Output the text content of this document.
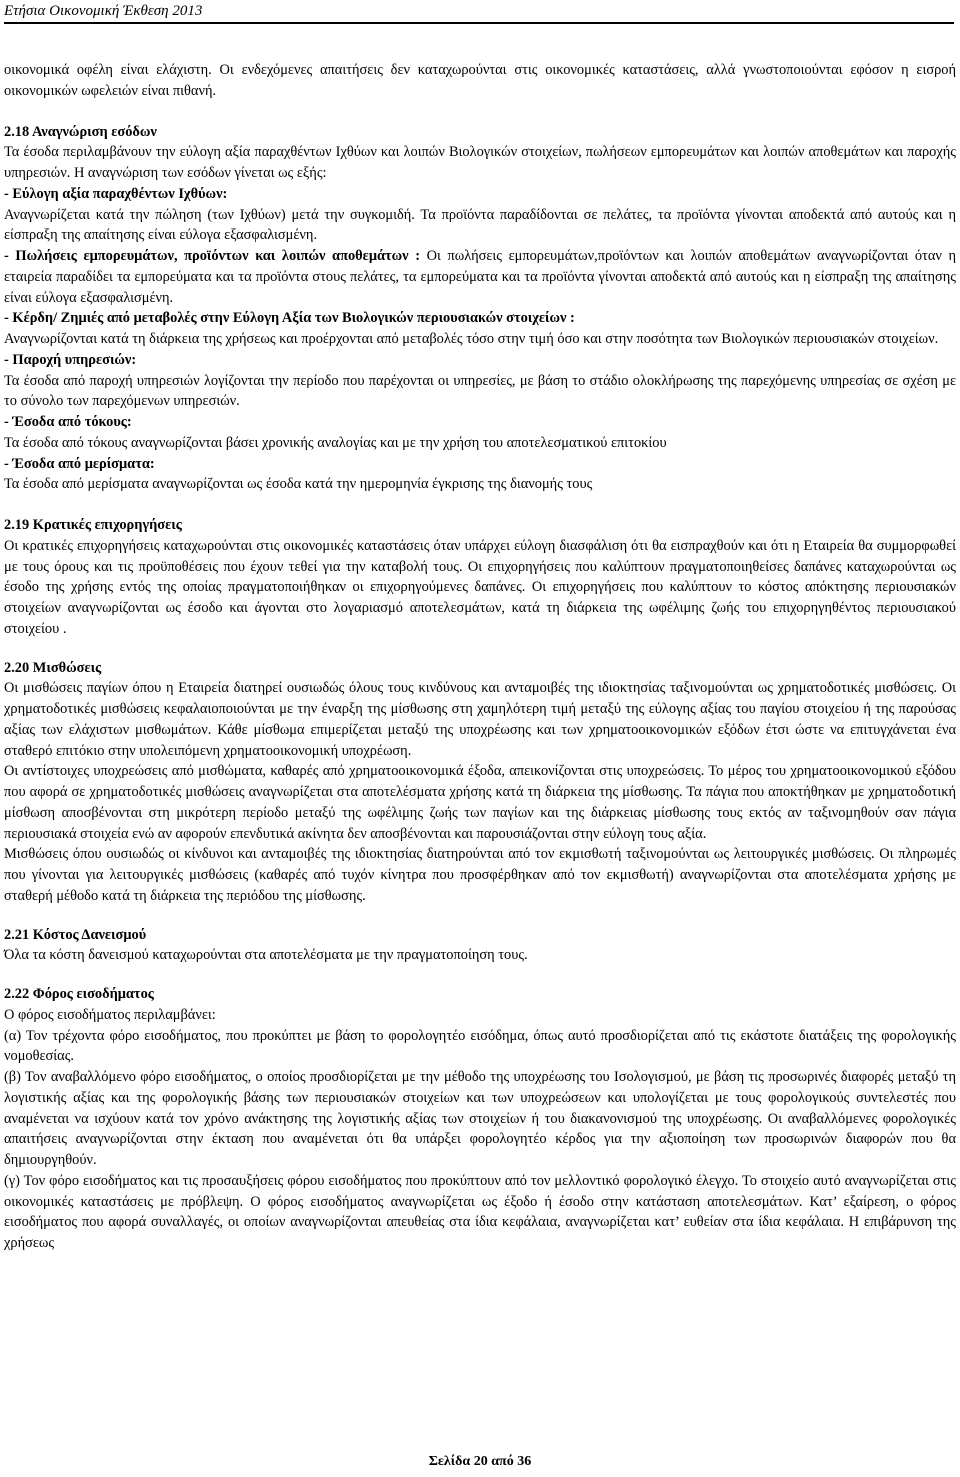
Ετήσια Οικονομική Έκθεση 2013

οικονομικά οφέλη είναι ελάχιστη. Οι ενδεχόμενες απαιτήσεις δεν καταχωρούνται στις οικονομικές καταστάσεις, αλλά γνωστοποιούνται εφόσον η εισροή οικονομικών ωφελειών είναι πιθανή.

2.18 Αναγνώριση εσόδων

Τα έσοδα περιλαμβάνουν την εύλογη αξία παραχθέντων Ιχθύων και λοιπών Βιολογικών στοιχείων, πωλήσεων εμπορευμάτων και λοιπών αποθεμάτων και παροχής υπηρεσιών. Η αναγνώριση των εσόδων γίνεται ως εξής:

- Εύλογη αξία παραχθέντων Ιχθύων:

Αναγνωρίζεται κατά την πώληση (των Ιχθύων) μετά την συγκομιδή. Τα προϊόντα παραδίδονται σε πελάτες, τα προϊόντα γίνονται αποδεκτά από αυτούς και η είσπραξη της απαίτησης είναι εύλογα εξασφαλισμένη.

- Πωλήσεις εμπορευμάτων, προϊόντων και λοιπών αποθεμάτων : Οι πωλήσεις εμπορευμάτων,προϊόντων και λοιπών αποθεμάτων αναγνωρίζονται όταν η εταιρεία παραδίδει τα εμπορεύματα και τα προϊόντα στους πελάτες, τα εμπορεύματα και τα προϊόντα γίνονται αποδεκτά από αυτούς και η είσπραξη της απαίτησης είναι εύλογα εξασφαλισμένη.

- Κέρδη/ Ζημιές από μεταβολές στην Εύλογη Αξία των Βιολογικών περιουσιακών στοιχείων :

Αναγνωρίζονται κατά τη διάρκεια της χρήσεως και προέρχονται από μεταβολές τόσο στην τιμή όσο και στην ποσότητα των Βιολογικών περιουσιακών στοιχείων.

- Παροχή υπηρεσιών:

Τα έσοδα από παροχή υπηρεσιών λογίζονται την περίοδο που παρέχονται οι υπηρεσίες, με βάση το στάδιο ολοκλήρωσης της παρεχόμενης υπηρεσίας σε σχέση με το σύνολο των παρεχόμενων υπηρεσιών.

- Έσοδα από τόκους:

Τα έσοδα από τόκους αναγνωρίζονται βάσει χρονικής αναλογίας και με την χρήση του αποτελεσματικού επιτοκίου

- Έσοδα από μερίσματα:

Τα έσοδα από μερίσματα αναγνωρίζονται ως έσοδα κατά την ημερομηνία έγκρισης της διανομής τους

2.19 Κρατικές επιχορηγήσεις

Οι κρατικές επιχορηγήσεις καταχωρούνται στις οικονομικές καταστάσεις όταν υπάρχει εύλογη διασφάλιση ότι θα εισπραχθούν και ότι η Εταιρεία θα συμμορφωθεί με τους όρους και τις προϋποθέσεις που έχουν τεθεί για την καταβολή τους. Οι επιχορηγήσεις που καλύπτουν πραγματοποιηθείσες δαπάνες καταχωρούνται ως έσοδο της χρήσης εντός της οποίας πραγματοποιήθηκαν οι επιχορηγούμενες δαπάνες. Οι επιχορηγήσεις που καλύπτουν το κόστος απόκτησης περιουσιακών στοιχείων αναγνωρίζονται ως έσοδο και άγονται στο λογαριασμό αποτελεσμάτων, κατά τη διάρκεια της ωφέλιμης ζωής του επιχορηγηθέντος περιουσιακού στοιχείου .

2.20 Μισθώσεις

Οι μισθώσεις παγίων όπου η Εταιρεία διατηρεί ουσιωδώς όλους τους κινδύνους και ανταμοιβές της ιδιοκτησίας ταξινομούνται ως χρηματοδοτικές μισθώσεις. Οι χρηματοδοτικές μισθώσεις κεφαλαιοποιούνται με την έναρξη της μίσθωσης στη χαμηλότερη τιμή μεταξύ της εύλογης αξίας του παγίου στοιχείου ή της παρούσας αξίας των ελάχιστων μισθωμάτων. Κάθε μίσθωμα επιμερίζεται μεταξύ της υποχρέωσης και των χρηματοοικονομικών εξόδων έτσι ώστε να επιτυγχάνεται ένα σταθερό επιτόκιο στην υπολειπόμενη χρηματοοικονομική υποχρέωση.

Οι αντίστοιχες υποχρεώσεις από μισθώματα, καθαρές από χρηματοοικονομικά έξοδα, απεικονίζονται στις υποχρεώσεις. Το μέρος του χρηματοοικονομικού εξόδου που αφορά σε χρηματοδοτικές μισθώσεις αναγνωρίζεται στα αποτελέσματα χρήσης κατά τη διάρκεια της μίσθωσης. Τα πάγια που αποκτήθηκαν με χρηματοδοτική μίσθωση αποσβένονται στη μικρότερη περίοδο μεταξύ της ωφέλιμης ζωής των παγίων και της διάρκειας μίσθωσης τους εκτός αν ταξινομηθούν σαν πάγια περιουσιακά στοιχεία ενώ αν αφορούν επενδυτικά ακίνητα δεν αποσβένονται και παρουσιάζονται στην εύλογη τους αξία.

Μισθώσεις όπου ουσιωδώς οι κίνδυνοι και ανταμοιβές της ιδιοκτησίας διατηρούνται από τον εκμισθωτή ταξινομούνται ως λειτουργικές μισθώσεις. Οι πληρωμές που γίνονται για λειτουργικές μισθώσεις (καθαρές από τυχόν κίνητρα που προσφέρθηκαν από τον εκμισθωτή) αναγνωρίζονται στα αποτελέσματα χρήσης με σταθερή μέθοδο κατά τη διάρκεια της περιόδου της μίσθωσης.

2.21 Κόστος Δανεισμού

Όλα τα κόστη δανεισμού καταχωρούνται στα αποτελέσματα με την πραγματοποίηση τους.

2.22 Φόρος εισοδήματος

Ο φόρος εισοδήματος περιλαμβάνει:

(α) Τον τρέχοντα φόρο εισοδήματος, που προκύπτει με βάση το φορολογητέο εισόδημα, όπως αυτό προσδιορίζεται από τις εκάστοτε διατάξεις της φορολογικής νομοθεσίας.

(β) Τον αναβαλλόμενο φόρο εισοδήματος, ο οποίος προσδιορίζεται με την μέθοδο της υποχρέωσης του Ισολογισμού, με βάση τις προσωρινές διαφορές μεταξύ τη λογιστικής αξίας και της φορολογικής βάσης των περιουσιακών στοιχείων και των υποχρεώσεων και υπολογίζεται με τους φορολογικούς συντελεστές που αναμένεται να ισχύουν κατά τον χρόνο ανάκτησης της λογιστικής αξίας των στοιχείων ή του διακανονισμού της υποχρέωσης. Οι αναβαλλόμενες φορολογικές απαιτήσεις αναγνωρίζονται στην έκταση που αναμένεται ότι θα υπάρξει φορολογητέο κέρδος για την αξιοποίηση των προσωρινών διαφορών που θα δημιουργηθούν.

(γ) Τον φόρο εισοδήματος και τις προσαυξήσεις φόρου εισοδήματος που προκύπτουν από τον μελλοντικό φορολογικό έλεγχο. Το στοιχείο αυτό αναγνωρίζεται στις οικονομικές καταστάσεις με πρόβλεψη. Ο φόρος εισοδήματος αναγνωρίζεται ως έξοδο ή έσοδο στην κατάσταση αποτελεσμάτων. Κατ’ εξαίρεση, ο φόρος εισοδήματος που αφορά συναλλαγές, οι οποίων αναγνωρίζονται απευθείας στα ίδια κεφάλαια, αναγνωρίζεται κατ’ ευθείαν στα ίδια κεφάλαια. Η επιβάρυνση της χρήσεως

Σελίδα 20 από 36
